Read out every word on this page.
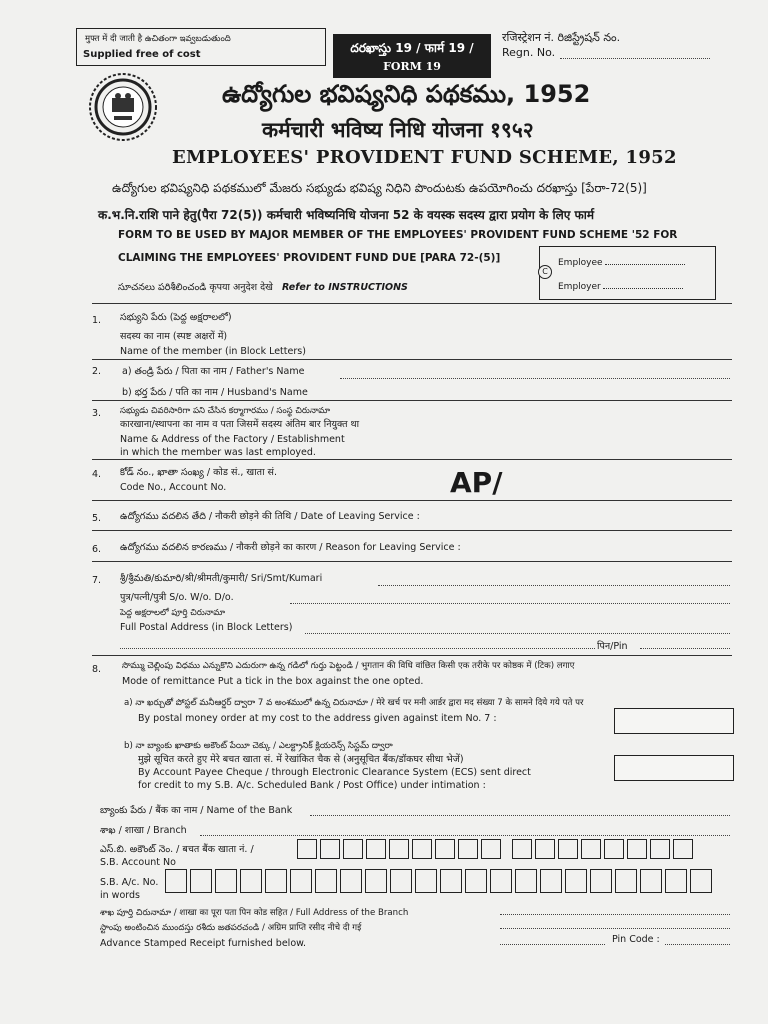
मुफ्त में दी जाती है ఉచితంగా ఇవ్వబడుతుంది
Supplied free of cost	దరఖాస్తు 19 / फार्म 19 /
FORM 19
रजिस्ट्रेशन नं. రిజిస్ట్రేషన్ నం.
Regn. No.
ఉద్యోగుల భవిష్యనిధి పథకము, 1952
कर्मचारी भविष्य निधि योजना १९५२
EMPLOYEES' PROVIDENT FUND SCHEME, 1952
ఉద్యోగుల భవిష్యనిధి పథకములో మేజరు సభ్యుడు భవిష్య నిధిని పొందుటకు ఉపయోగించు దరఖాస్తు [పేరా-72(5)]
क.भ.नि.राशि पाने हेतु(पैरा 72(5)) कर्मचारी भविष्यनिधि योजना 52 के वयस्क सदस्य द्वारा प्रयोग के लिए फार्म
FORM TO BE USED BY MAJOR MEMBER OF THE EMPLOYEES' PROVIDENT FUND SCHEME '52 FOR
CLAIMING THE EMPLOYEES' PROVIDENT FUND DUE [PARA 72-(5)]
సూచనలు పరిశీలించండి कृपया अनुदेश देखे Refer to INSTRUCTIONS
Employee
C
Employer
1. సభ్యుని పేరు (పెద్ద అక్షరాలలో)
सदस्य का नाम (स्पष्ट अक्षरों में)
Name of the member (in Block Letters)
2. a) తండ్రి పేరు / पिता का नाम / Father's Name
b) భర్త పేరు / पति का नाम / Husband's Name
3. సభ్యుడు చివరిసారిగా పని చేసిన కర్మాగారము / సంస్థ చిరునామా
कारखाना/स्थापना का नाम व पता जिसमें सदस्य अंतिम बार नियुक्त था
Name & Address of the Factory / Establishment
in which the member was last employed.
4. కోడ్ నం., ఖాతా సంఖ్య / कोड सं., खाता सं.
Code No., Account No.	AP/
5. ఉద్యోగము వదలిన తేది / नौकरी छोड़ने की तिथि / Date of Leaving Service :
6. ఉద్యోగము వదలిన కారణము / नौकरी छोड़ने का कारण / Reason for Leaving Service :
7. శ్రీ/శ్రీమతి/కుమారి/श्री/श्रीमती/कुमारी/ Sri/Smt/Kumari
पुत्र/पत्नी/पुत्री S/o. W/o. D/o.
పెద్ద అక్షరాలలో పూర్తి చిరునామా
Full Postal Address (in Block Letters)
पिन/Pin
8. సొమ్ము చెల్లింపు విధము ఎన్నుకొని ఎదురుగా ఉన్న గడిలో గుర్తు పెట్టండి / भुगतान की विधि वांछित किसी एक तरीके पर कोष्ठक में (टिक) लगाए
Mode of remittance Put a tick in the box against the one opted.
a) నా ఖర్చుతో పోస్టల్ మనీఆర్డర్ ద్వారా 7 వ అంశములో ఉన్న చిరునామా / मेरे खर्च पर मनी आर्डर द्वारा मद संख्या 7 के सामने दिये गये पते पर
By postal money order at my cost to the address given against item No. 7 :
b) నా బ్యాంకు ఖాతాకు అకౌంట్ పేయీ చెక్కు / ఎలక్ట్రానిక్ క్లియరెన్స్ సిస్టమ్ ద్వారా
मुझे सूचित करते हुए मेरे बचत खाता सं. में रेखांकित चैक से (अनुसूचित बैंक/डॉकघर सीधा भेजें)
By Account Payee Cheque / through Electronic Clearance System (ECS) sent direct
for credit to my S.B. A/c. Scheduled Bank / Post Office) under intimation :
బ్యాంకు పేరు / बैंक का नाम / Name of the Bank
శాఖ / शाखा / Branch
ఎస్.బి. అకౌంట్ నెం. / बचत बैंक खाता नं. /
S.B. Account No
S.B. A/c. No.
in words
శాఖ పూర్తి చిరునామా / शाखा का पूरा पता पिन कोड सहित / Full Address of the Branch
స్టాంపు అంటించిన ముందస్తు రశీదు జతపరచండి / अग्रिम प्राप्ति रसीद नीचे दी गई
Advance Stamped Receipt furnished below.	Pin Code :
